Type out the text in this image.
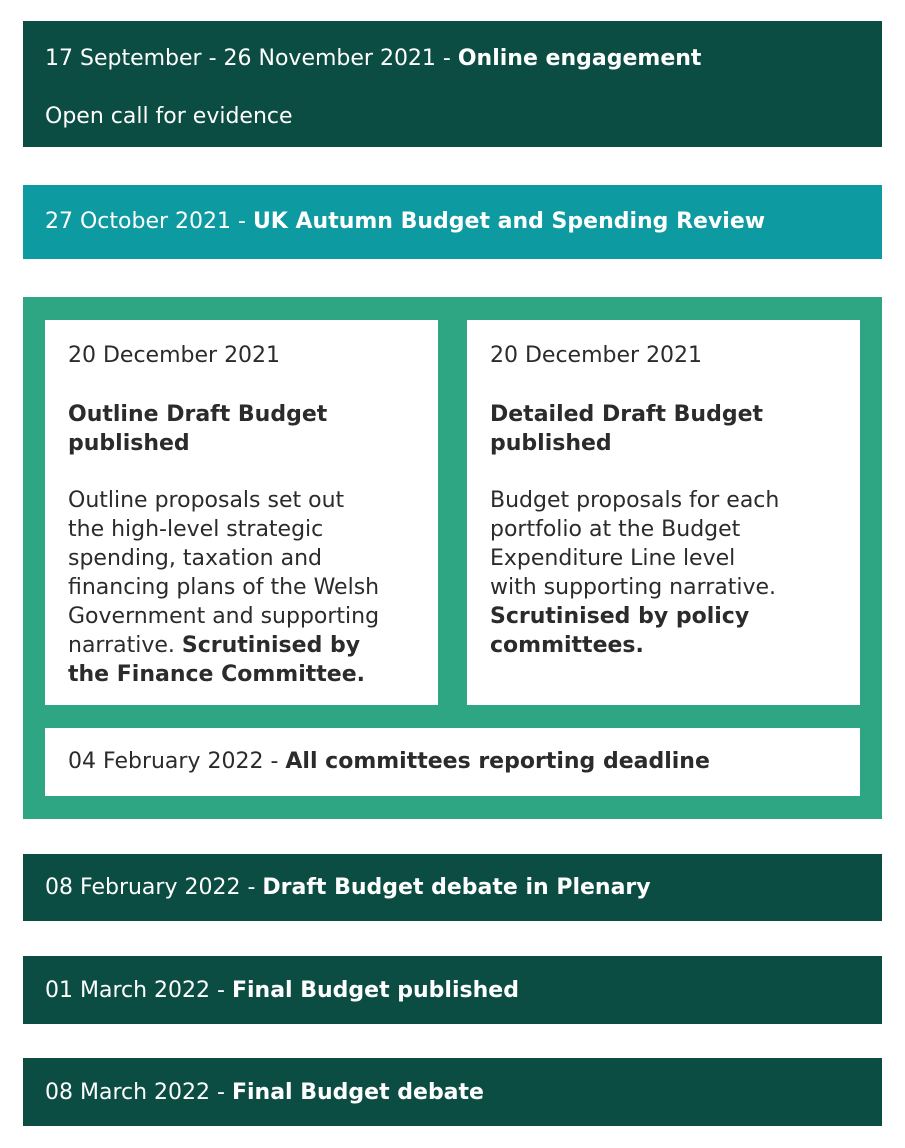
17 September - 26 November 2021 - Online engagement
Open call for evidence
27 October 2021 - UK Autumn Budget and Spending Review
20 December 2021
Outline Draft Budget
published
Outline proposals set out
the high-level strategic
spending, taxation and
financing plans of the Welsh
Government and supporting
narrative. Scrutinised by
the Finance Committee.
20 December 2021
Detailed Draft Budget
published
Budget proposals for each
portfolio at the Budget
Expenditure Line level
with supporting narrative.
Scrutinised by policy
committees.
04 February 2022 - All committees reporting deadline
08 February 2022 - Draft Budget debate in Plenary
01 March 2022 - Final Budget published
08 March 2022 - Final Budget debate
